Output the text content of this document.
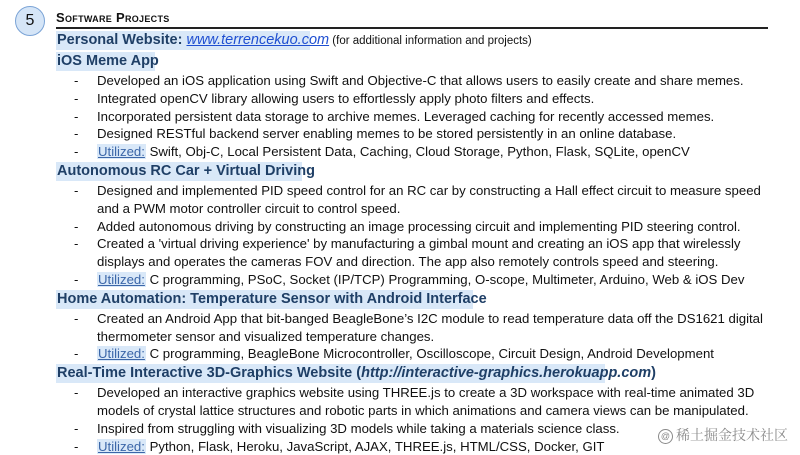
5	Software Projects
Personal Website: www.terrencekuo.com (for additional information and projects)
iOS Meme App
- Developed an iOS application using Swift and Objective-C that allows users to easily create and share memes.
- Integrated openCV library allowing users to effortlessly apply photo filters and effects.
- Incorporated persistent data storage to archive memes. Leveraged caching for recently accessed memes.
- Designed RESTful backend server enabling memes to be stored persistently in an online database.
- Utilized: Swift, Obj-C, Local Persistent Data, Caching, Cloud Storage, Python, Flask, SQLite, openCV
Autonomous RC Car + Virtual Driving
- Designed and implemented PID speed control for an RC car by constructing a Hall effect circuit to measure speed and a PWM motor controller circuit to control speed.
- Added autonomous driving by constructing an image processing circuit and implementing PID steering control.
- Created a 'virtual driving experience' by manufacturing a gimbal mount and creating an iOS app that wirelessly displays and operates the cameras FOV and direction. The app also remotely controls speed and steering.
- Utilized: C programming, PSoC, Socket (IP/TCP) Programming, O-scope, Multimeter, Arduino, Web & iOS Dev
Home Automation: Temperature Sensor with Android Interface
- Created an Android App that bit-banged BeagleBone’s I2C module to read temperature data off the DS1621 digital thermometer sensor and visualized temperature changes.
- Utilized: C programming, BeagleBone Microcontroller, Oscilloscope, Circuit Design, Android Development
Real-Time Interactive 3D-Graphics Website (http://interactive-graphics.herokuapp.com)
- Developed an interactive graphics website using THREE.js to create a 3D workspace with real-time animated 3D models of crystal lattice structures and robotic parts in which animations and camera views can be manipulated.
- Inspired from struggling with visualizing 3D models while taking a materials science class.
- Utilized: Python, Flask, Heroku, JavaScript, AJAX, THREE.js, HTML/CSS, Docker, GIT
@ 稀土掘金技术社区
